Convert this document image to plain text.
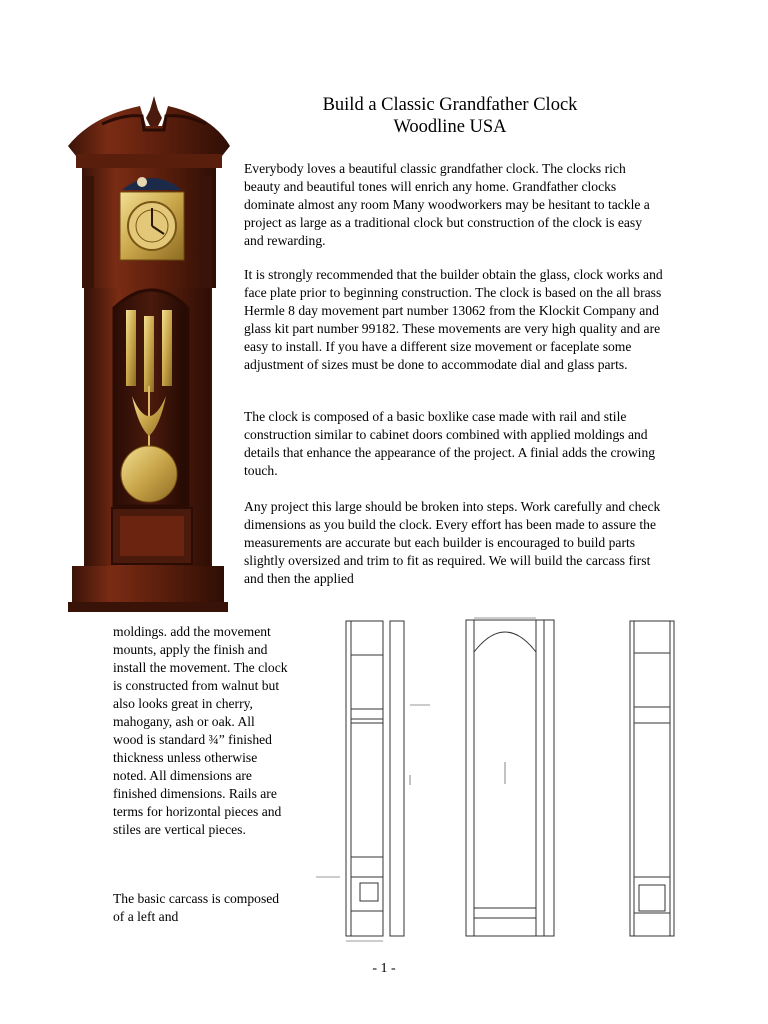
Build a Classic Grandfather Clock
Woodline USA
Everybody loves a beautiful classic grandfather clock. The clocks rich beauty and beautiful tones will enrich any home. Grandfather clocks dominate almost any room Many woodworkers may be hesitant to tackle a project as large as a traditional clock but construction of the clock is easy and rewarding.
It is strongly recommended that the builder obtain the glass, clock works and face plate prior to beginning construction. The clock is based on the all brass Hermle 8 day movement part number 13062 from the Klockit Company and glass kit part number 99182. These movements are very high quality and are easy to install. If you have a different size movement or faceplate some adjustment of sizes must be done to accommodate dial and glass parts.
The clock is composed of a basic boxlike case made with rail and stile construction similar to cabinet doors combined with applied moldings and details that enhance the appearance of the project. A finial adds the crowing touch.
Any project this large should be broken into steps. Work carefully and check dimensions as you build the clock. Every effort has been made to assure the measurements are accurate but each builder is encouraged to build parts slightly oversized and trim to fit as required. We will build the carcass first and then the applied
moldings. add the movement mounts, apply the finish and install the movement. The clock is constructed from walnut but also looks great in cherry, mahogany, ash or oak. All wood is standard ¾” finished thickness unless otherwise noted. All dimensions are finished dimensions. Rails are terms for horizontal pieces and stiles are vertical pieces.
The basic carcass is composed of a left and
- 1 -
